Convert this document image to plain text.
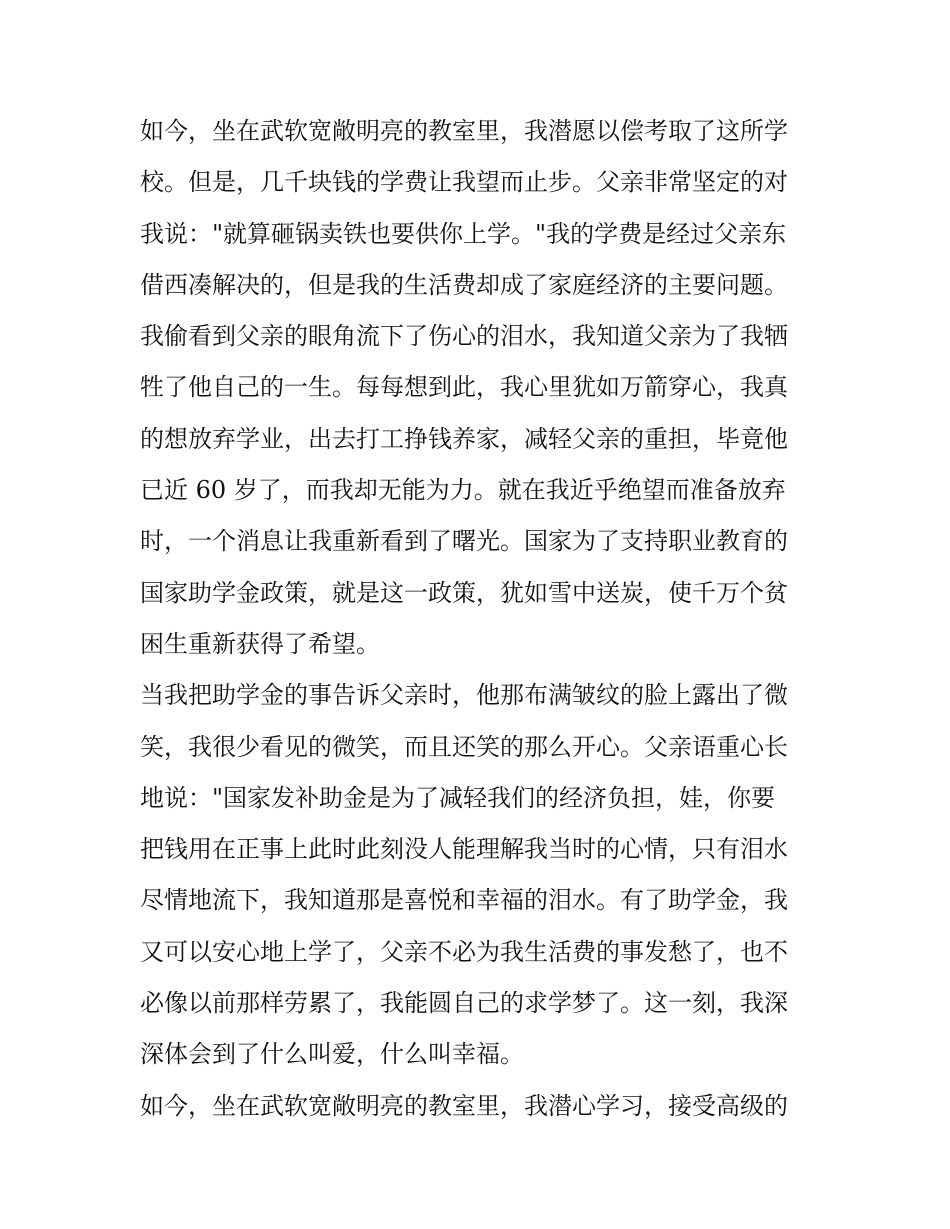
如今，坐在武软宽敞明亮的教室里，我潜愿以偿考取了这所学
校。但是，几千块钱的学费让我望而止步。父亲非常坚定的对
我说："就算砸锅卖铁也要供你上学。"我的学费是经过父亲东
借西凑解决的，但是我的生活费却成了家庭经济的主要问题。
我偷看到父亲的眼角流下了伤心的泪水，我知道父亲为了我牺
牲了他自己的一生。每每想到此，我心里犹如万箭穿心，我真
的想放弃学业，出去打工挣钱养家，减轻父亲的重担，毕竟他
已近 60 岁了，而我却无能为力。就在我近乎绝望而准备放弃
时，一个消息让我重新看到了曙光。国家为了支持职业教育的
国家助学金政策，就是这一政策，犹如雪中送炭，使千万个贫
困生重新获得了希望。
当我把助学金的事告诉父亲时，他那布满皱纹的脸上露出了微
笑，我很少看见的微笑，而且还笑的那么开心。父亲语重心长
地说："国家发补助金是为了减轻我们的经济负担，娃，你要
把钱用在正事上此时此刻没人能理解我当时的心情，只有泪水
尽情地流下，我知道那是喜悦和幸福的泪水。有了助学金，我
又可以安心地上学了，父亲不必为我生活费的事发愁了，也不
必像以前那样劳累了，我能圆自己的求学梦了。这一刻，我深
深体会到了什么叫爱，什么叫幸福。
如今，坐在武软宽敞明亮的教室里，我潜心学习，接受高级的
